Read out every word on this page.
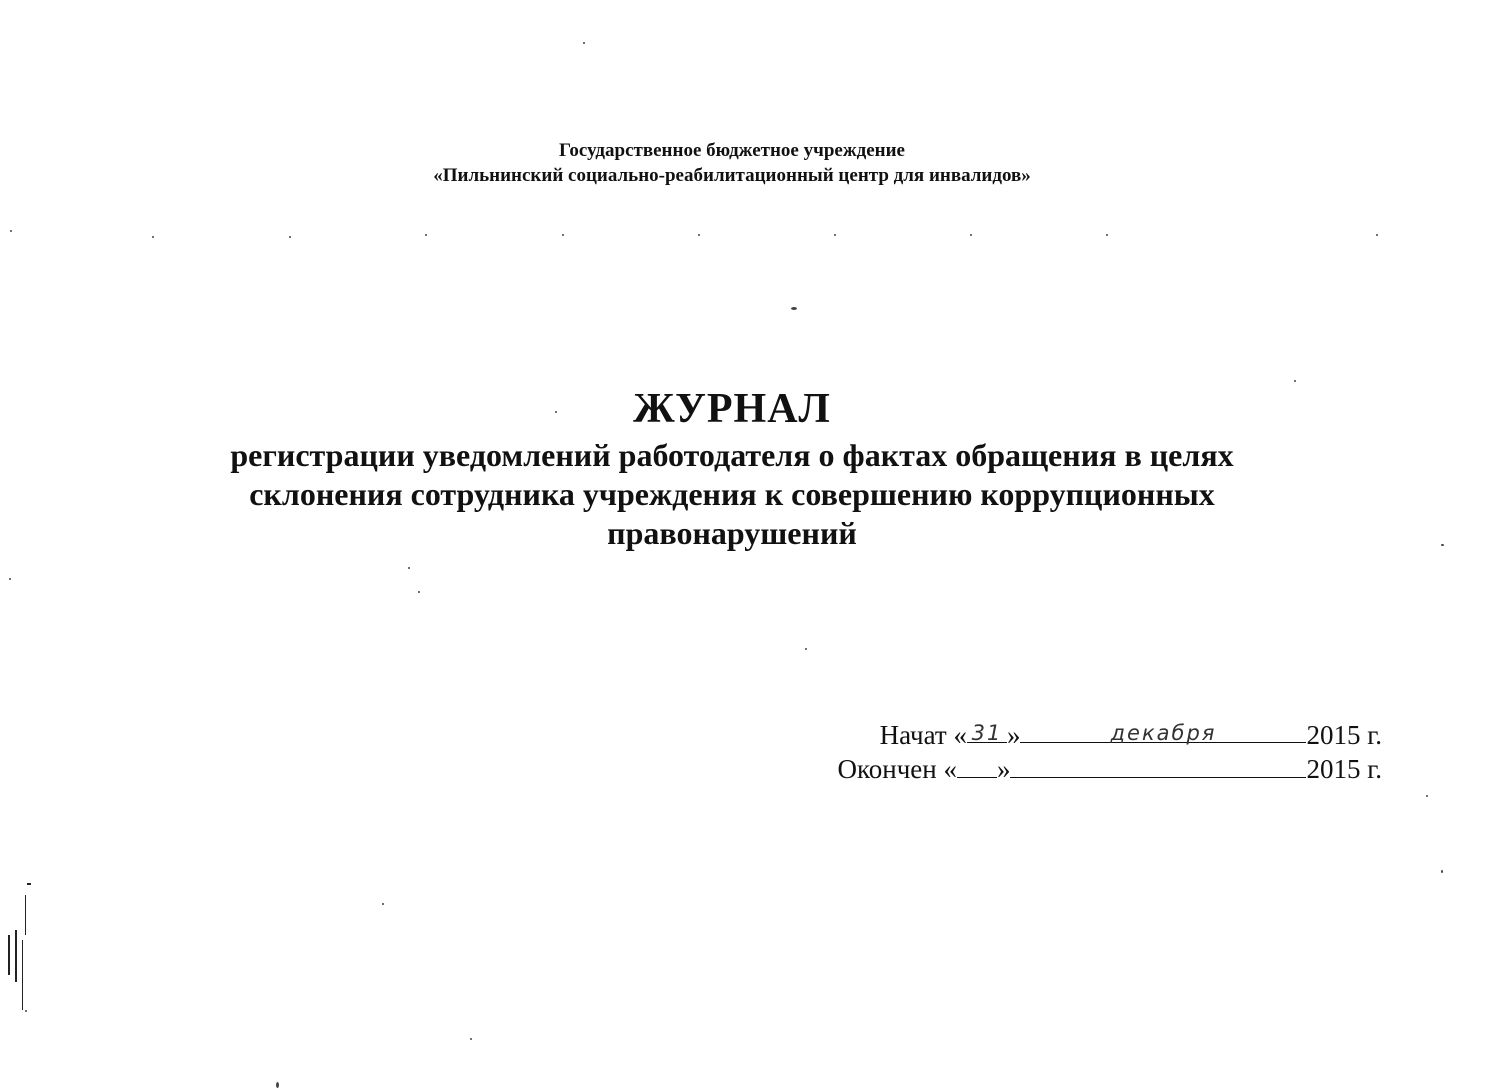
Государственное бюджетное учреждение
«Пильнинский социально-реабилитационный центр для инвалидов»
ЖУРНАЛ
регистрации уведомлений работодателя о фактах обращения в целях склонения сотрудника учреждения к совершению коррупционных правонарушений
Начат « 31 »	декабря	2015 г.
Окончен « »	2015 г.
